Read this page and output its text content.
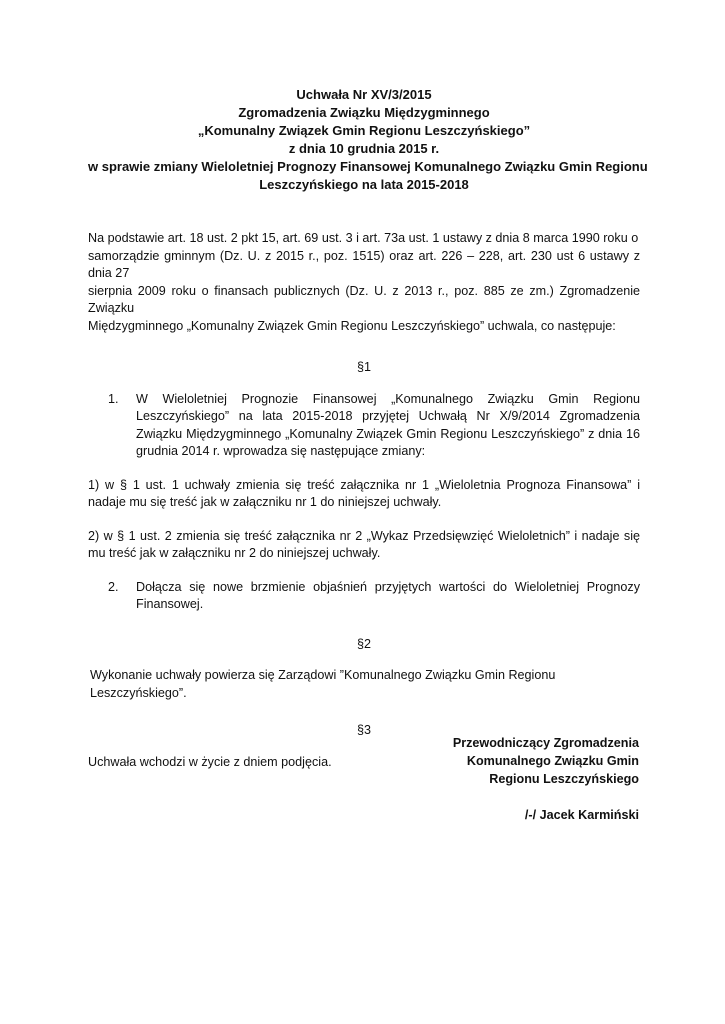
Uchwała Nr XV/3/2015
Zgromadzenia Związku Międzygminnego
„Komunalny Związek Gmin Regionu Leszczyńskiego”
z dnia 10 grudnia 2015 r.
w sprawie zmiany Wieloletniej Prognozy Finansowej Komunalnego Związku Gmin Regionu
Leszczyńskiego na lata 2015-2018
Na podstawie art. 18 ust. 2 pkt 15, art. 69 ust. 3 i art. 73a ust. 1 ustawy z dnia 8 marca 1990 roku o
samorządzie gminnym (Dz. U. z 2015 r., poz. 1515) oraz art. 226 – 228, art. 230 ust 6 ustawy z dnia 27
sierpnia 2009 roku o finansach publicznych (Dz. U. z 2013 r., poz. 885 ze zm.) Zgromadzenie Związku
Międzygminnego „Komunalny Związek Gmin Regionu Leszczyńskiego” uchwala, co następuje:
§1
1.	W Wieloletniej Prognozie Finansowej „Komunalnego Związku Gmin Regionu Leszczyńskiego” na lata 2015-2018 przyjętej Uchwałą Nr X/9/2014 Zgromadzenia Związku Międzygminnego „Komunalny Związek Gmin Regionu Leszczyńskiego” z dnia 16 grudnia 2014 r. wprowadza się następujące zmiany:
1) w § 1 ust. 1 uchwały zmienia się treść załącznika nr 1 „Wieloletnia Prognoza Finansowa” i nadaje mu się treść jak w załączniku nr 1 do niniejszej uchwały.
2) w § 1 ust. 2 zmienia się treść załącznika nr 2 „Wykaz Przedsięwzięć Wieloletnich” i nadaje się mu treść jak w załączniku nr 2 do niniejszej uchwały.
2.	Dołącza się nowe brzmienie objaśnień przyjętych wartości do Wieloletniej Prognozy Finansowej.
§2
Wykonanie uchwały powierza się Zarządowi ”Komunalnego Związku Gmin Regionu Leszczyńskiego”.
§3
Uchwała wchodzi w życie z dniem podjęcia.
Przewodniczący Zgromadzenia
Komunalnego Związku Gmin
Regionu Leszczyńskiego
/-/ Jacek Karmiński
